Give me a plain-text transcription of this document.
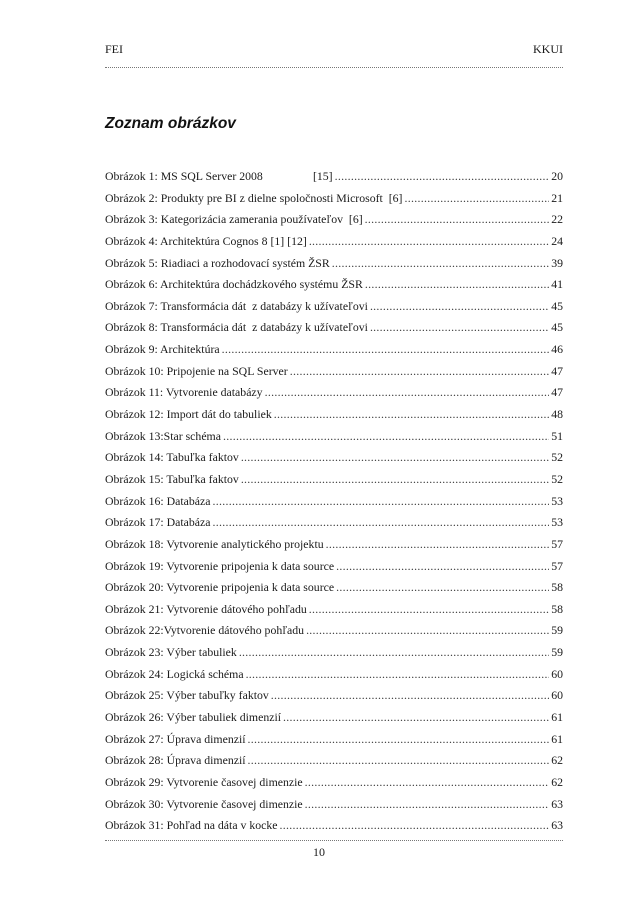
FEI	KKUI
Zoznam obrázkov
Obrázok 1: MS SQL Server 2008                 [15] .....	20
Obrázok 2: Produkty pre BI z dielne spoločnosti Microsoft  [6] .....	21
Obrázok 3: Kategorizácia zamerania používateľov  [6] .....	22
Obrázok 4: Architektúra Cognos 8 [1] [12] .....	24
Obrázok 5: Riadiaci a rozhodovací systém ŽSR .....	39
Obrázok 6: Architektúra dochádzkového systému ŽSR .....	41
Obrázok 7: Transformácia dát  z databázy k užívateľovi .....	45
Obrázok 8: Transformácia dát  z databázy k užívateľovi .....	45
Obrázok 9: Architektúra .....	46
Obrázok 10: Pripojenie na SQL Server .....	47
Obrázok 11: Vytvorenie databázy .....	47
Obrázok 12: Import dát do tabuliek .....	48
Obrázok 13:Star schéma .....	51
Obrázok 14: Tabuľka faktov .....	52
Obrázok 15: Tabuľka faktov .....	52
Obrázok 16: Databáza .....	53
Obrázok 17: Databáza .....	53
Obrázok 18: Vytvorenie analytického projektu .....	57
Obrázok 19: Vytvorenie pripojenia k data source .....	57
Obrázok 20: Vytvorenie pripojenia k data source .....	58
Obrázok 21: Vytvorenie dátového pohľadu .....	58
Obrázok 22:Vytvorenie dátového pohľadu .....	59
Obrázok 23: Výber tabuliek .....	59
Obrázok 24: Logická schéma .....	60
Obrázok 25: Výber tabuľky faktov .....	60
Obrázok 26: Výber tabuliek dimenzií .....	61
Obrázok 27: Úprava dimenzií .....	61
Obrázok 28: Úprava dimenzií .....	62
Obrázok 29: Vytvorenie časovej dimenzie .....	62
Obrázok 30: Vytvorenie časovej dimenzie .....	63
Obrázok 31: Pohľad na dáta v kocke .....	63
10
